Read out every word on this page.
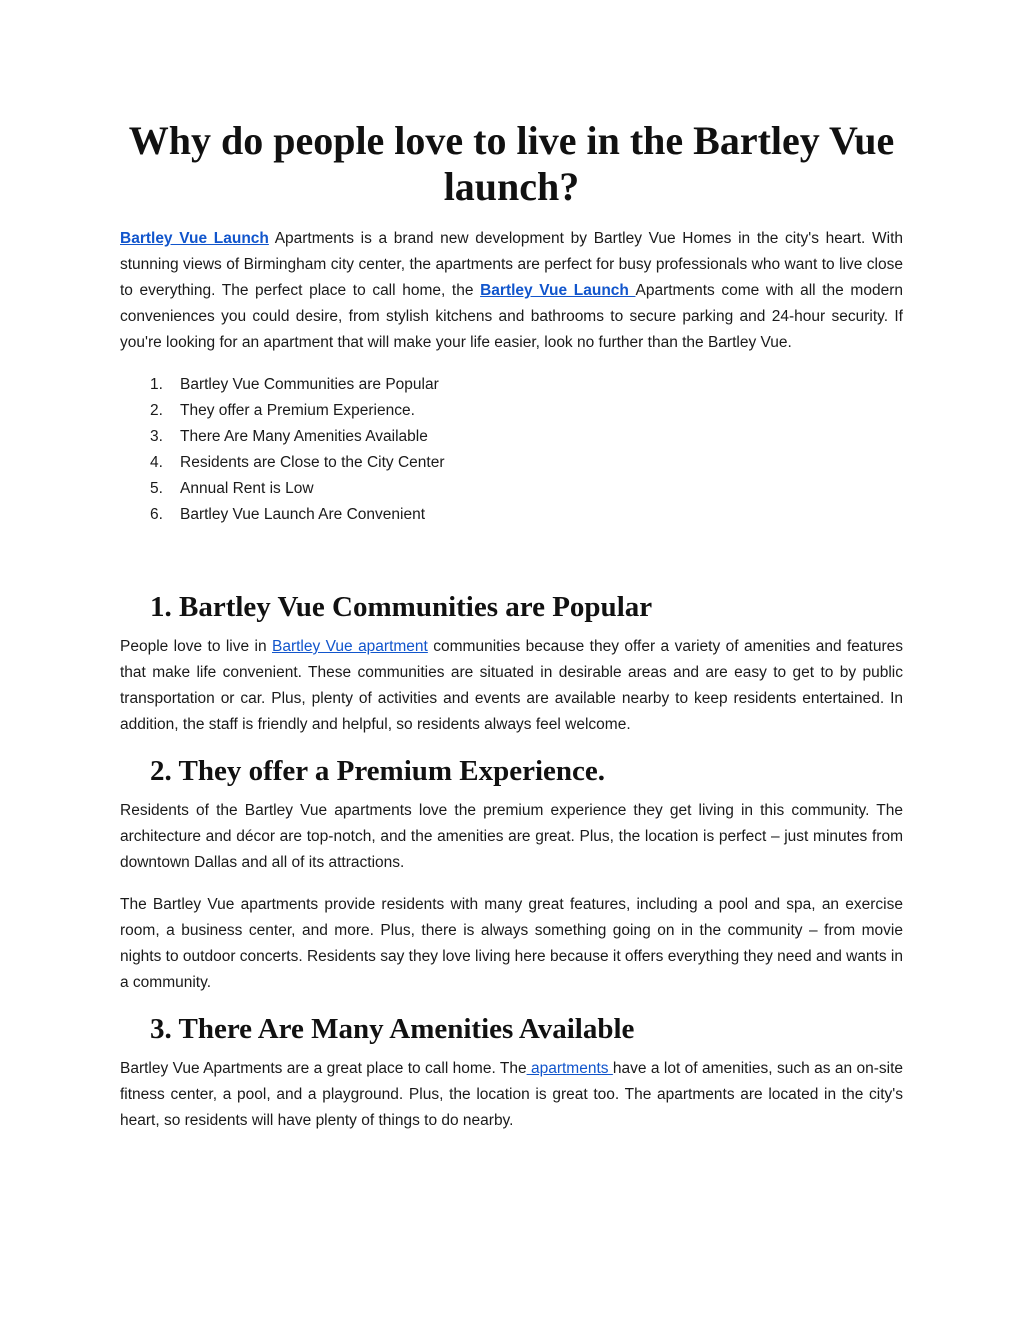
Why do people love to live in the Bartley Vue launch?

Bartley Vue Launch Apartments is a brand new development by Bartley Vue Homes in the city's heart. With stunning views of Birmingham city center, the apartments are perfect for busy professionals who want to live close to everything. The perfect place to call home, the Bartley Vue Launch Apartments come with all the modern conveniences you could desire, from stylish kitchens and bathrooms to secure parking and 24-hour security. If you're looking for an apartment that will make your life easier, look no further than the Bartley Vue.

1. Bartley Vue Communities are Popular
2. They offer a Premium Experience.
3. There Are Many Amenities Available
4. Residents are Close to the City Center
5. Annual Rent is Low
6. Bartley Vue Launch Are Convenient
1. Bartley Vue Communities are Popular

People love to live in Bartley Vue apartment communities because they offer a variety of amenities and features that make life convenient. These communities are situated in desirable areas and are easy to get to by public transportation or car. Plus, plenty of activities and events are available nearby to keep residents entertained. In addition, the staff is friendly and helpful, so residents always feel welcome.

2. They offer a Premium Experience.

Residents of the Bartley Vue apartments love the premium experience they get living in this community. The architecture and décor are top-notch, and the amenities are great. Plus, the location is perfect – just minutes from downtown Dallas and all of its attractions.

The Bartley Vue apartments provide residents with many great features, including a pool and spa, an exercise room, a business center, and more. Plus, there is always something going on in the community – from movie nights to outdoor concerts. Residents say they love living here because it offers everything they need and wants in a community.

3. There Are Many Amenities Available

Bartley Vue Apartments are a great place to call home. The apartments have a lot of amenities, such as an on-site fitness center, a pool, and a playground. Plus, the location is great too. The apartments are located in the city's heart, so residents will have plenty of things to do nearby.
